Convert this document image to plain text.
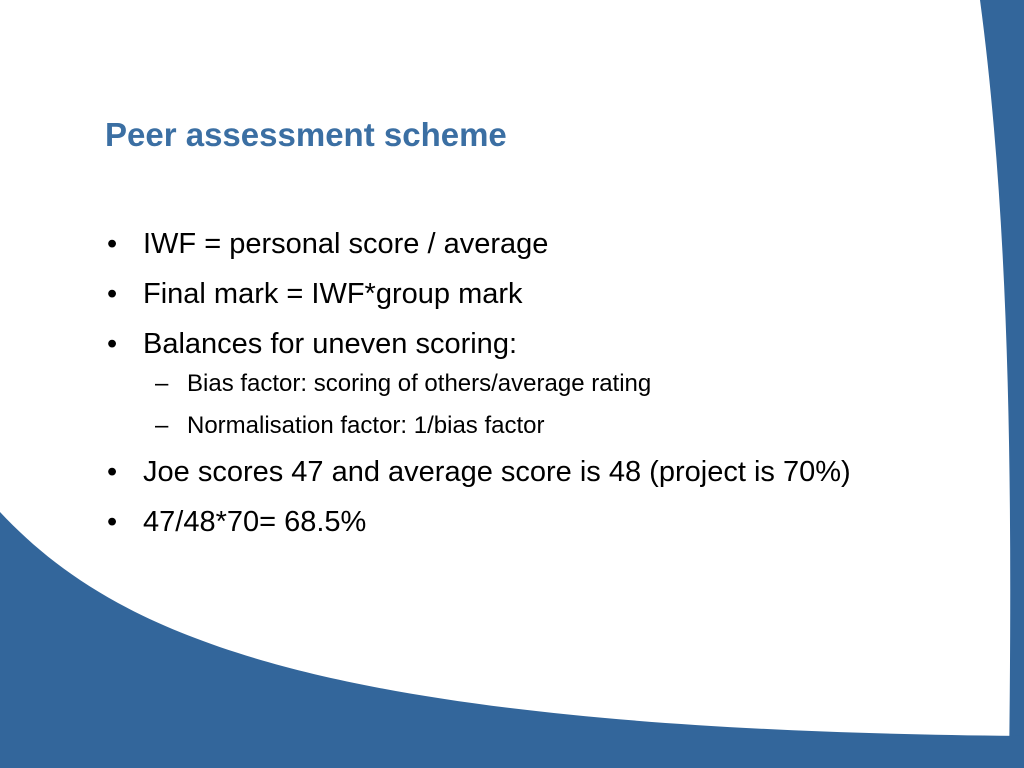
Peer assessment scheme
• IWF = personal score / average
• Final mark = IWF*group mark
• Balances for uneven scoring:
– Bias factor: scoring of others/average rating
– Normalisation factor: 1/bias factor
• Joe scores 47 and average score is 48 (project is 70%)
• 47/48*70= 68.5%
